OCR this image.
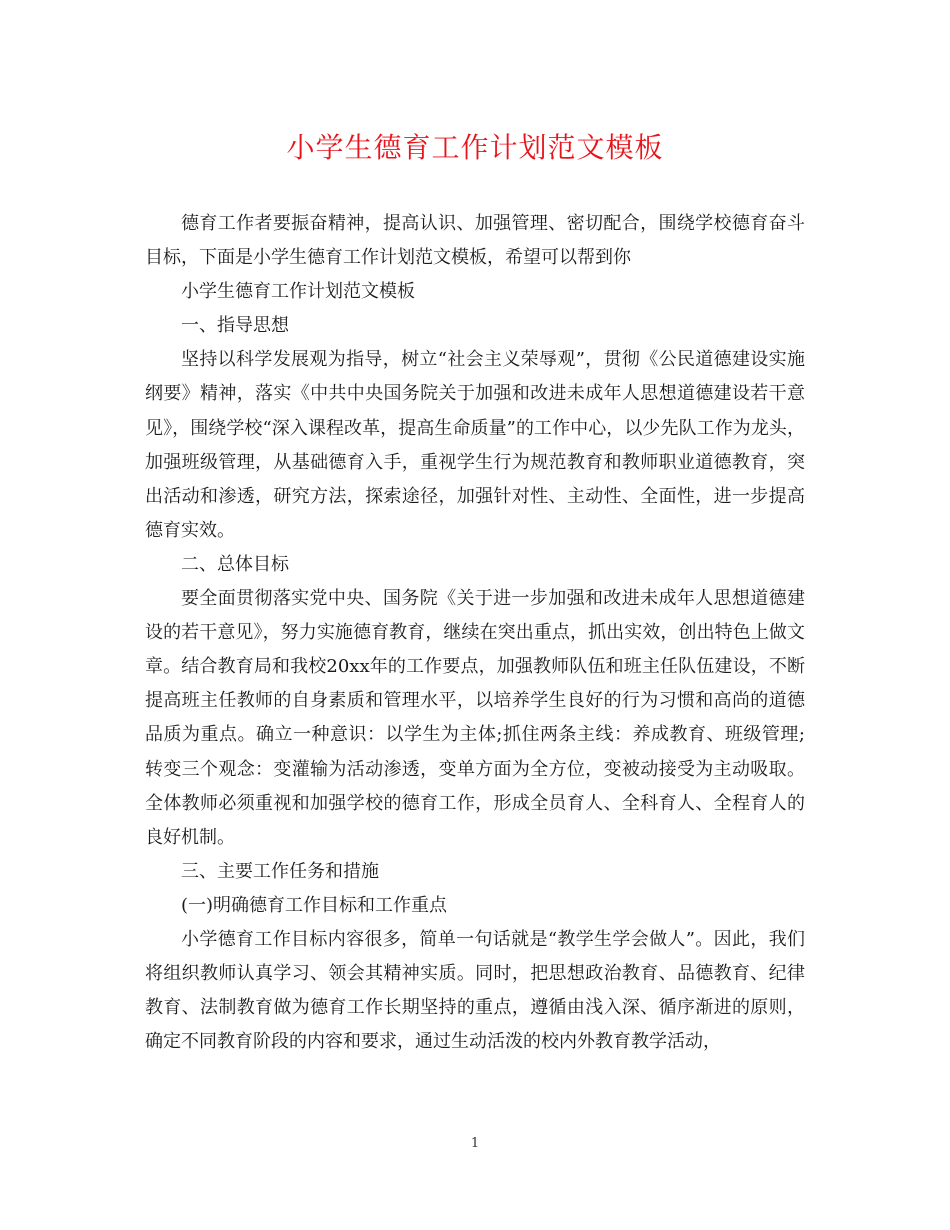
小学生德育工作计划范文模板

德育工作者要振奋精神，提高认识、加强管理、密切配合，围绕学校德育奋斗目标，下面是小学生德育工作计划范文模板，希望可以帮到你

小学生德育工作计划范文模板

一、指导思想

坚持以科学发展观为指导，树立“社会主义荣辱观”，贯彻《公民道德建设实施纲要》精神，落实《中共中央国务院关于加强和改进未成年人思想道德建设若干意见》，围绕学校“深入课程改革，提高生命质量”的工作中心，以少先队工作为龙头，加强班级管理，从基础德育入手，重视学生行为规范教育和教师职业道德教育，突出活动和渗透，研究方法，探索途径，加强针对性、主动性、全面性，进一步提高德育实效。

二、总体目标

要全面贯彻落实党中央、国务院《关于进一步加强和改进未成年人思想道德建设的若干意见》，努力实施德育教育，继续在突出重点，抓出实效，创出特色上做文章。结合教育局和我校20xx年的工作要点，加强教师队伍和班主任队伍建设，不断提高班主任教师的自身素质和管理水平，以培养学生良好的行为习惯和高尚的道德品质为重点。确立一种意识：以学生为主体;抓住两条主线：养成教育、班级管理;转变三个观念：变灌输为活动渗透，变单方面为全方位，变被动接受为主动吸取。全体教师必须重视和加强学校的德育工作，形成全员育人、全科育人、全程育人的良好机制。

三、主要工作任务和措施

(一)明确德育工作目标和工作重点

小学德育工作目标内容很多，简单一句话就是“教学生学会做人”。因此，我们将组织教师认真学习、领会其精神实质。同时，把思想政治教育、品德教育、纪律教育、法制教育做为德育工作长期坚持的重点，遵循由浅入深、循序渐进的原则，确定不同教育阶段的内容和要求，通过生动活泼的校内外教育教学活动，

1
